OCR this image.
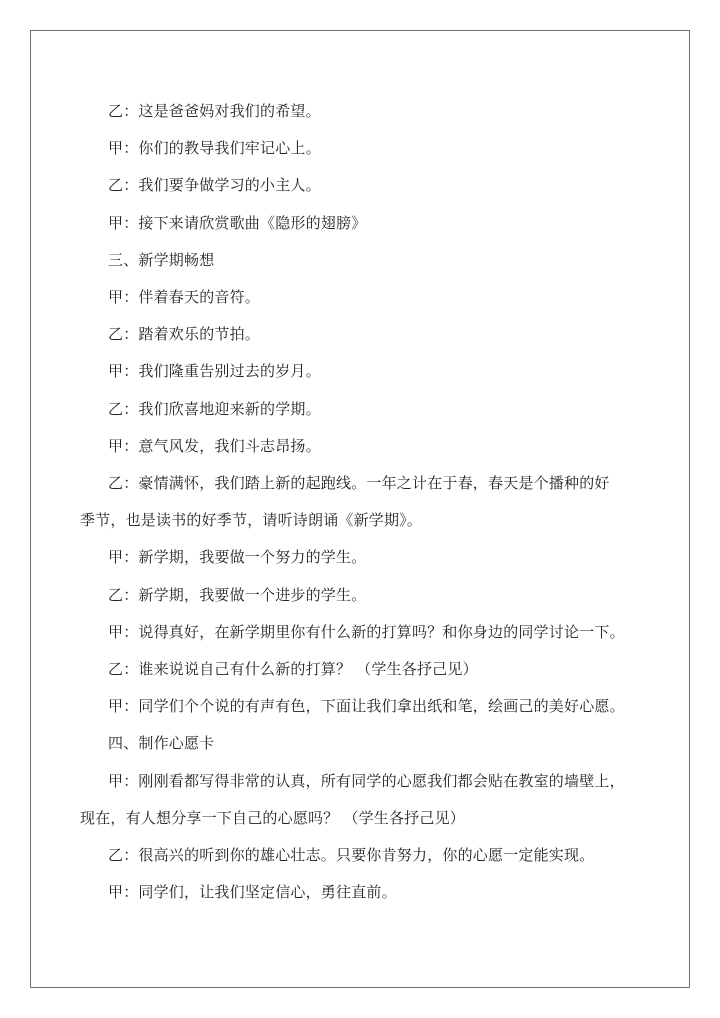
乙：这是爸爸妈对我们的希望。
甲：你们的教导我们牢记心上。
乙：我们要争做学习的小主人。
甲：接下来请欣赏歌曲《隐形的翅膀》
三、新学期畅想
甲：伴着春天的音符。
乙：踏着欢乐的节拍。
甲：我们隆重告别过去的岁月。
乙：我们欣喜地迎来新的学期。
甲：意气风发，我们斗志昂扬。
乙：豪情满怀，我们踏上新的起跑线。一年之计在于春，春天是个播种的好
季节，也是读书的好季节，请听诗朗诵《新学期》。
甲：新学期，我要做一个努力的学生。
乙：新学期，我要做一个进步的学生。
甲：说得真好，在新学期里你有什么新的打算吗？和你身边的同学讨论一下。
乙：谁来说说自己有什么新的打算？ （学生各抒己见）
甲：同学们个个说的有声有色，下面让我们拿出纸和笔，绘画己的美好心愿。
四、制作心愿卡
甲：刚刚看都写得非常的认真，所有同学的心愿我们都会贴在教室的墙壁上，
现在，有人想分享一下自己的心愿吗？ （学生各抒己见）
乙：很高兴的听到你的雄心壮志。只要你肯努力，你的心愿一定能实现。
甲：同学们，让我们坚定信心，勇往直前。
